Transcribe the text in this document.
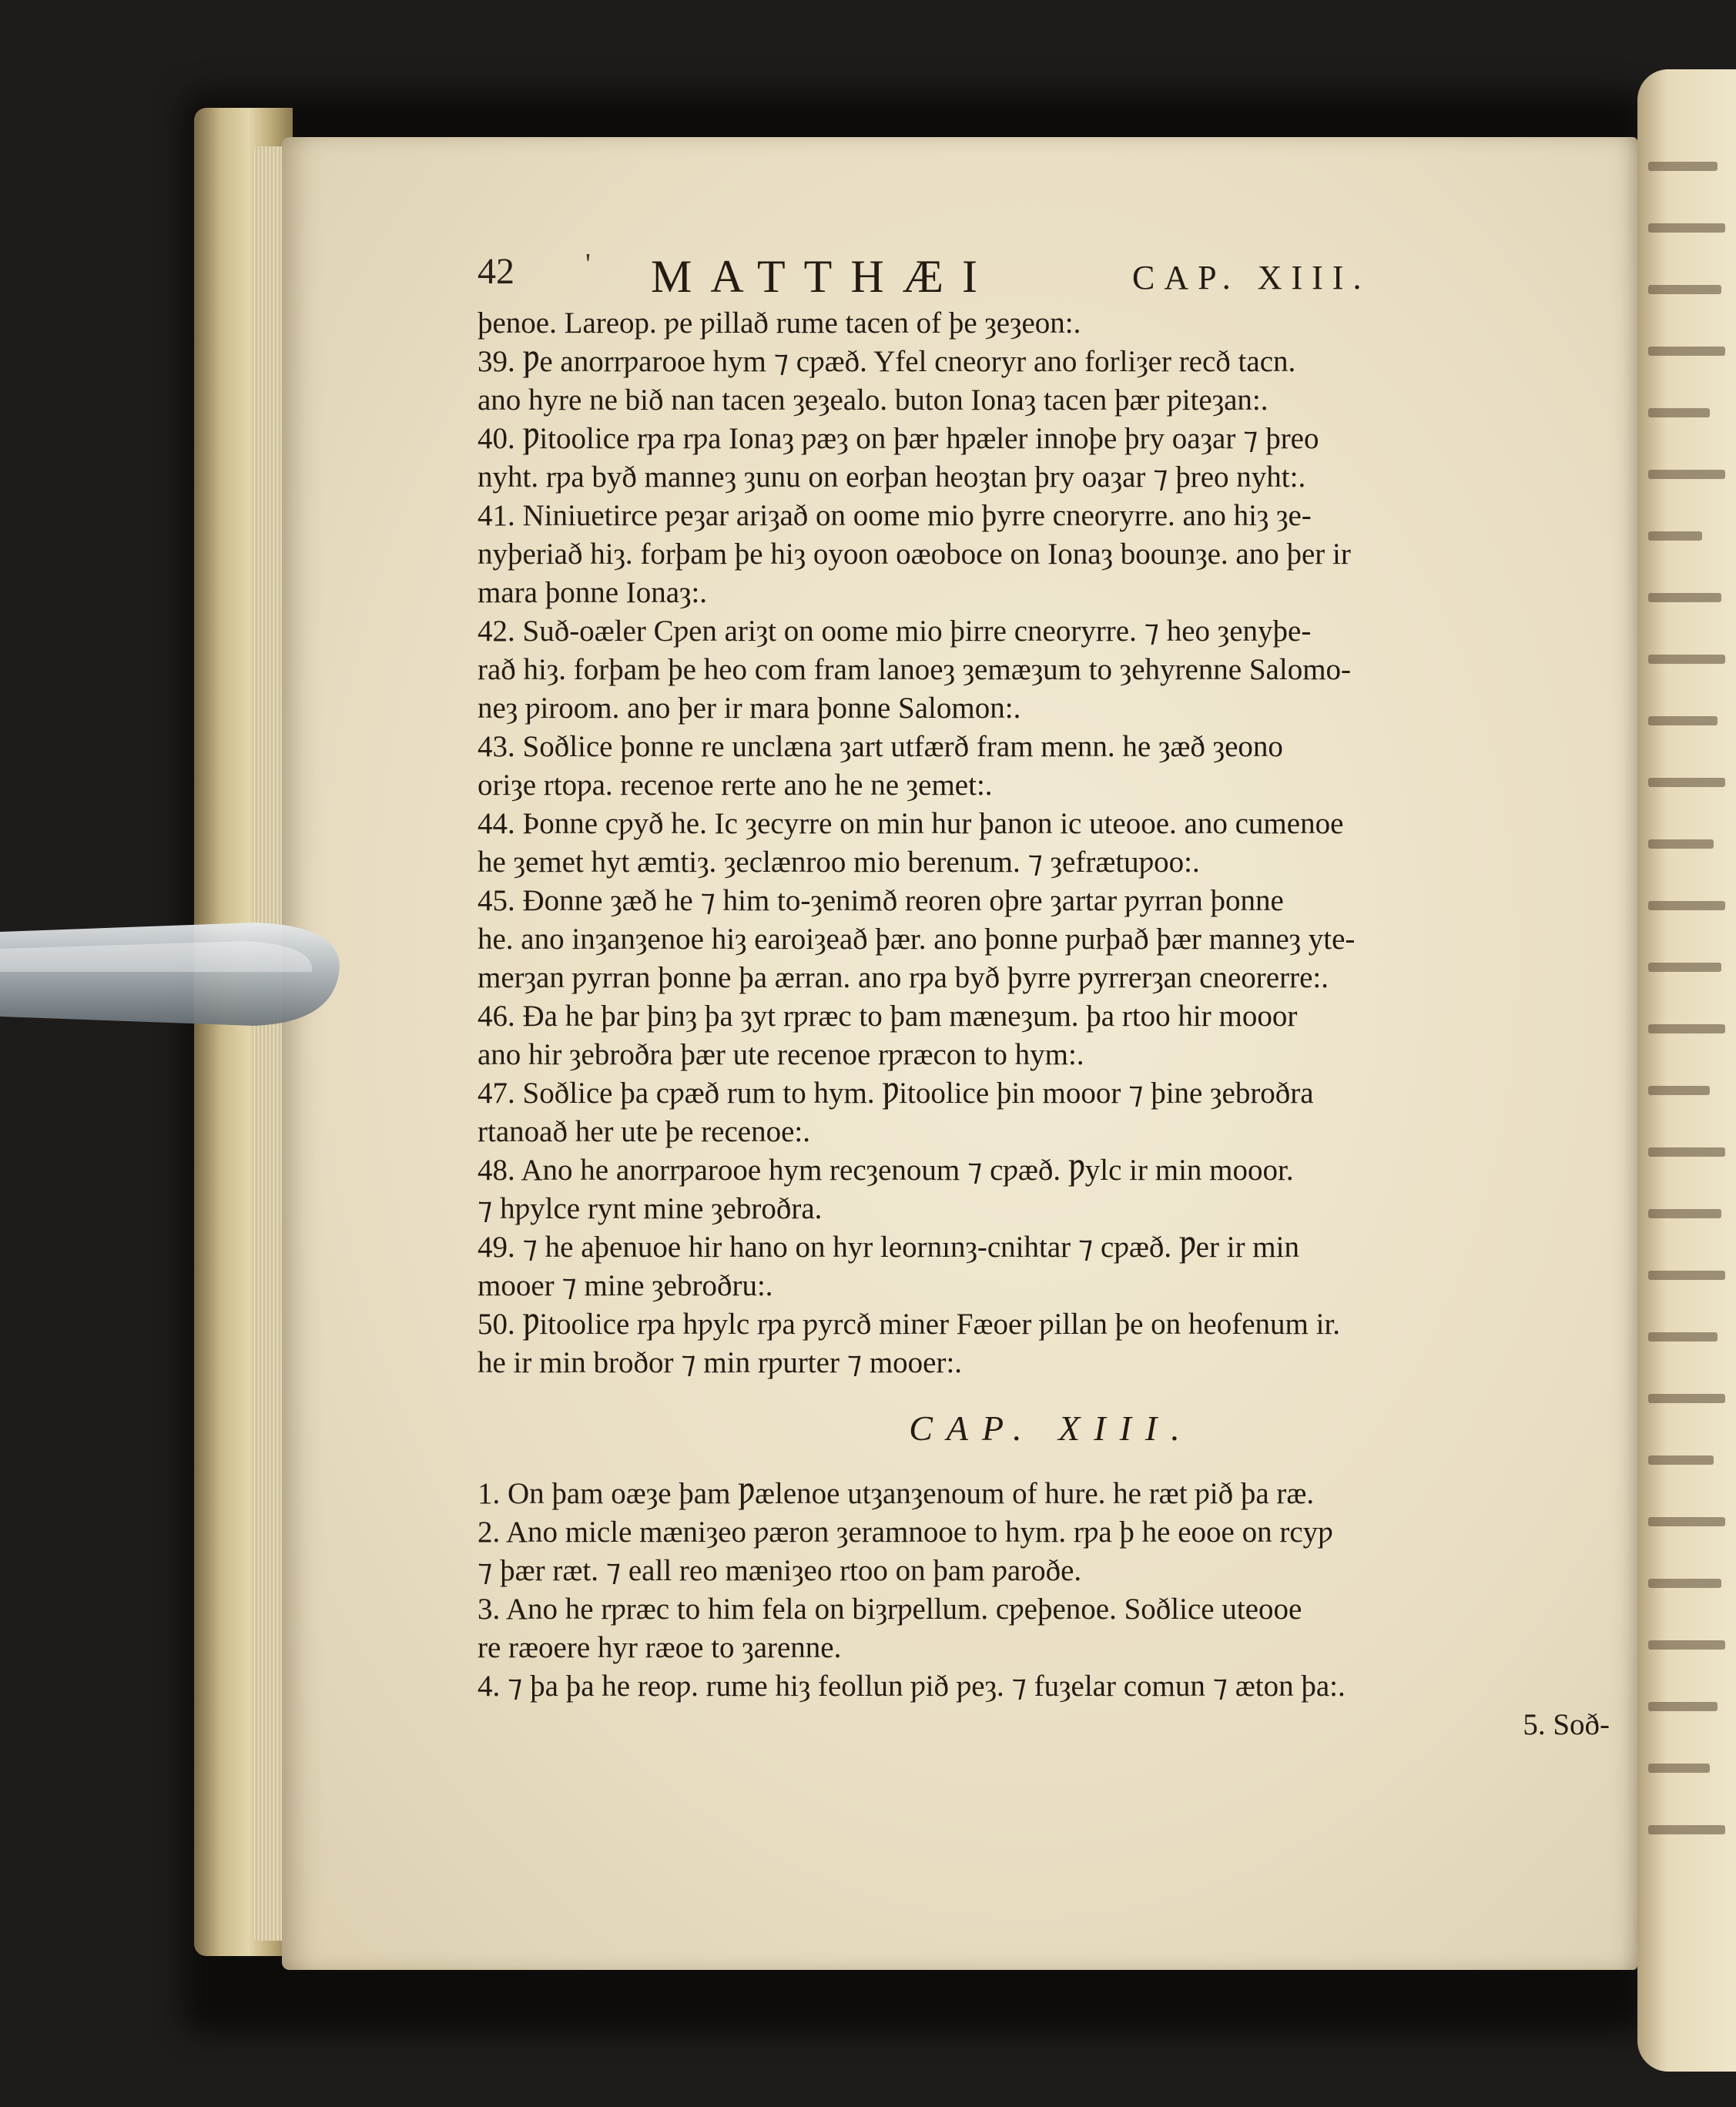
42 ' MATTHÆI	CAP. XIII.
þenoe. Lareop. ƿe ƿillað rume tacen of þe ȝeȝeon:.
39. Ƿe anorrƿarooe hym ⁊ cƿæð. Yfel cneoryr ano forliȝer recð tacn.
ano hyre ne bið nan tacen ȝeȝealo. buton Ionaȝ tacen þær ƿiteȝan:.
40. Ƿitoolice rƿa rƿa Ionaȝ ƿæȝ on þær hƿæler innoþe þry oaȝar ⁊ þreo
nyht. rƿa byð manneȝ ȝunu on eorþan heoȝtan þry oaȝar ⁊ þreo nyht:.
41. Niniuetirce ƿeȝar ariȝað on oome mio þyrre cneoryrre. ano hiȝ ȝe-
nyþeriað hiȝ. forþam þe hiȝ oyoon oæoboce on Ionaȝ boounȝe. ano þer ir
mara þonne Ionaȝ:.
42. Suð-oæler Cƿen ariȝt on oome mio þirre cneoryrre. ⁊ heo ȝenyþe-
rað hiȝ. forþam þe heo com fram lanoeȝ ȝemæȝum to ȝehyrenne Salomo-
neȝ ƿiroom. ano þer ir mara þonne Salomon:.
43. Soðlice þonne re unclæna ȝart utfærð fram menn. he ȝæð ȝeono
oriȝe rtoƿa. recenoe rerte ano he ne ȝemet:.
44. Þonne cƿyð he. Ic ȝecyrre on min hur þanon ic uteooe. ano cumenoe
he ȝemet hyt æmtiȝ. ȝeclænroo mio berenum. ⁊ ȝefrætuƿoo:.
45. Ðonne ȝæð he ⁊ him to-ȝenimð reoren oþre ȝartar ƿyrran þonne
he. ano inȝanȝenoe hiȝ earoiȝeað þær. ano þonne ƿurþað þær manneȝ yte-
merȝan ƿyrran þonne þa ærran. ano rƿa byð þyrre ƿyrrerȝan cneorerre:.
46. Ða he þar þinȝ þa ȝyt rƿræc to þam mæneȝum. þa rtoo hir mooor
ano hir ȝebroðra þær ute recenoe rƿræcon to hym:.
47. Soðlice þa cƿæð rum to hym. Ƿitoolice þin mooor ⁊ þine ȝebroðra
rtanoað her ute þe recenoe:.
48. Ano he anorrƿarooe hym recȝenoum ⁊ cƿæð. Ƿylc ir min mooor.
⁊ hƿylce rynt mine ȝebroðra.
49. ⁊ he aþenuoe hir hano on hyr leornınȝ-cnihtar ⁊ cƿæð. Ƿer ir min
mooer ⁊ mine ȝebroðru:.
50. Ƿitoolice rƿa hƿylc rƿa ƿyrcð miner Fæoer ƿillan þe on heofenum ir.
he ir min broðor ⁊ min rƿurter ⁊ mooer:.
CAP. XIII.
1. On þam oæȝe þam Ƿælenoe utȝanȝenoum of hure. he ræt ƿið þa ræ.
2. Ano micle mæniȝeo ƿæron ȝeramnooe to hym. rƿa þ he eooe on rcyƿ
⁊ þær ræt. ⁊ eall reo mæniȝeo rtoo on þam ƿaroðe.
3. Ano he rƿræc to him fela on biȝrƿellum. cƿeþenoe. Soðlice uteooe
re ræoere hyr ræoe to ȝarenne.
4. ⁊ þa þa he reoƿ. rume hiȝ feollun ƿið ƿeȝ. ⁊ fuȝelar comun ⁊ æton þa:.
5. Soð-
